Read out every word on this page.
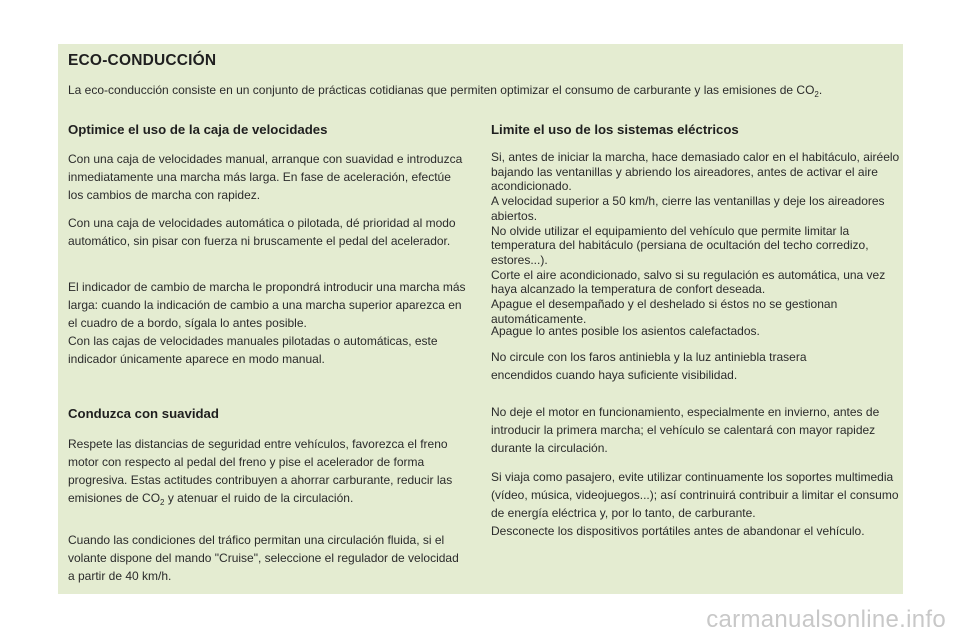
ECO-CONDUCCIÓN

La eco-conducción consiste en un conjunto de prácticas cotidianas que permiten optimizar el consumo de carburante y las emisiones de $CO_2$.

Optimice el uso de la caja de velocidades

Con una caja de velocidades manual, arranque con suavidad e introduzca inmediatamente una marcha más larga. En fase de aceleración, efectúe los cambios de marcha con rapidez.

Con una caja de velocidades automática o pilotada, dé prioridad al modo automático, sin pisar con fuerza ni bruscamente el pedal del acelerador.

El indicador de cambio de marcha le propondrá introducir una marcha más larga: cuando la indicación de cambio a una marcha superior aparezca en el cuadro de a bordo, sígala lo antes posible.

Con las cajas de velocidades manuales pilotadas o automáticas, este indicador únicamente aparece en modo manual.

Conduzca con suavidad

Respete las distancias de seguridad entre vehículos, favorezca el freno motor con respecto al pedal del freno y pise el acelerador de forma progresiva. Estas actitudes contribuyen a ahorrar carburante, reducir las emisiones de $CO_2$ y atenuar el ruido de la circulación.

Cuando las condiciones del tráfico permitan una circulación fluida, si el volante dispone del mando "Cruise", seleccione el regulador de velocidad a partir de 40 km/h.

Limite el uso de los sistemas eléctricos

Si, antes de iniciar la marcha, hace demasiado calor en el habitáculo, airéelo bajando las ventanillas y abriendo los aireadores, antes de activar el aire acondicionado.

A velocidad superior a 50 km/h, cierre las ventanillas y deje los aireadores abiertos.

No olvide utilizar el equipamiento del vehículo que permite limitar la temperatura del habitáculo (persiana de ocultación del techo corredizo, estores...).

Corte el aire acondicionado, salvo si su regulación es automática, una vez haya alcanzado la temperatura de confort deseada.

Apague el desempañado y el deshelado si éstos no se gestionan automáticamente.

Apague lo antes posible los asientos calefactados.

No circule con los faros antiniebla y la luz antiniebla trasera encendidos cuando haya suficiente visibilidad.

No deje el motor en funcionamiento, especialmente en invierno, antes de introducir la primera marcha; el vehículo se calentará con mayor rapidez durante la circulación.

Si viaja como pasajero, evite utilizar continuamente los soportes multimedia (vídeo, música, videojuegos...); así contrinuirá contribuir a limitar el consumo de energía eléctrica y, por lo tanto, de carburante.

Desconecte los dispositivos portátiles antes de abandonar el vehículo.

carmanualsonline.info
